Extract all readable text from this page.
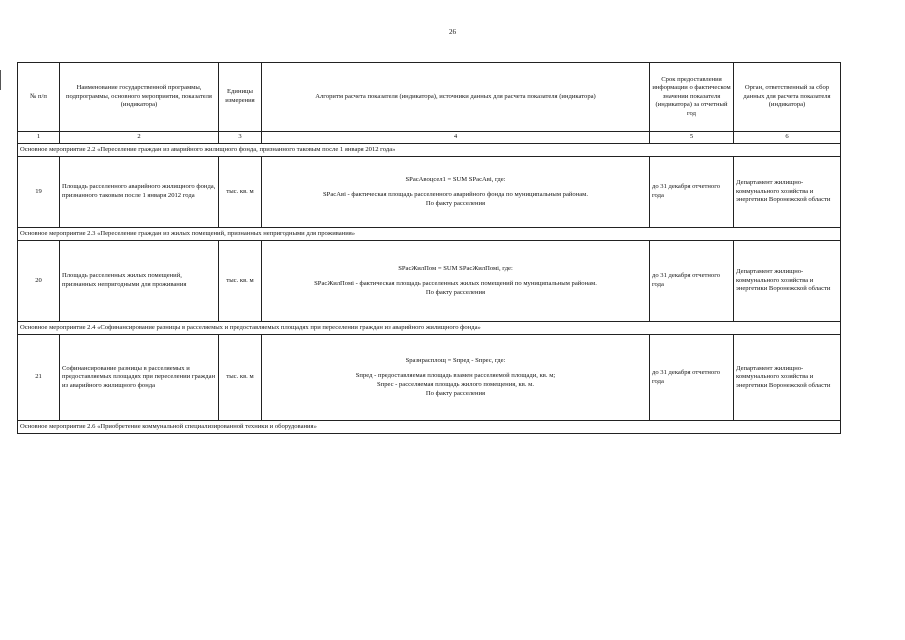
26
№ п/п	Наименование государственной программы, подпрограммы, основного мероприятия, показателя (индикатора)	Единицы измерения	Алгоритм расчета показателя (индикатора), источники данных для расчета показателя (индикатора)	Срок предоставления информации о фактическом значении показателя (индикатора) за отчетный год	Орган, ответственный за сбор данных для расчета показателя (индикатора)
1	2	3	4	5	6
Основное мероприятие 2.2 «Переселение граждан из аварийного жилищного фонда, признанного таковым после 1 января 2012 года»					
19	Площадь расселенного аварийного жилищного фонда, признанного таковым после 1 января 2012 года	тыс. кв. м	SРасАвоцсел1 = SUM SРасАвi, где:
SРасАвi - фактическая площадь расселенного аварийного фонда по муниципальным районам.
По факту расселения	до 31 декабря отчетного года	Департамент жилищно-коммунального хозяйства и энергетики Воронежской области
Основное мероприятие 2.3 «Переселение граждан из жилых помещений, признанных непригодными для проживания»					
20	Площадь расселенных жилых помещений, признанных непригодными для проживания	тыс. кв. м	SРасЖилПом = SUM SРасЖилПомi, где:
SРасЖилПомi - фактическая площадь расселенных жилых помещений по муниципальным районам.
По факту расселения	до 31 декабря отчетного года	Департамент жилищно-коммунального хозяйства и энергетики Воронежской области
Основное мероприятие 2.4 «Софинансирование разницы в расселяемых и предоставляемых площадях при переселении граждан из аварийного жилищного фонда»					
21	Софинансирование разницы в расселяемых и предоставляемых площадях при переселении граждан из аварийного жилищного фонда	тыс. кв. м	Sразнрасплощ = Sпред - Sпрес, где:
Sпред - предоставляемая площадь взамен расселяемой площади, кв. м;
Sпрес - расселяемая площадь жилого помещения, кв. м.
По факту расселения	до 31 декабря отчетного года	Департамент жилищно-коммунального хозяйства и энергетики Воронежской области
Основное мероприятие 2.6 «Приобретение коммунальной специализированной техники и оборудования»					
